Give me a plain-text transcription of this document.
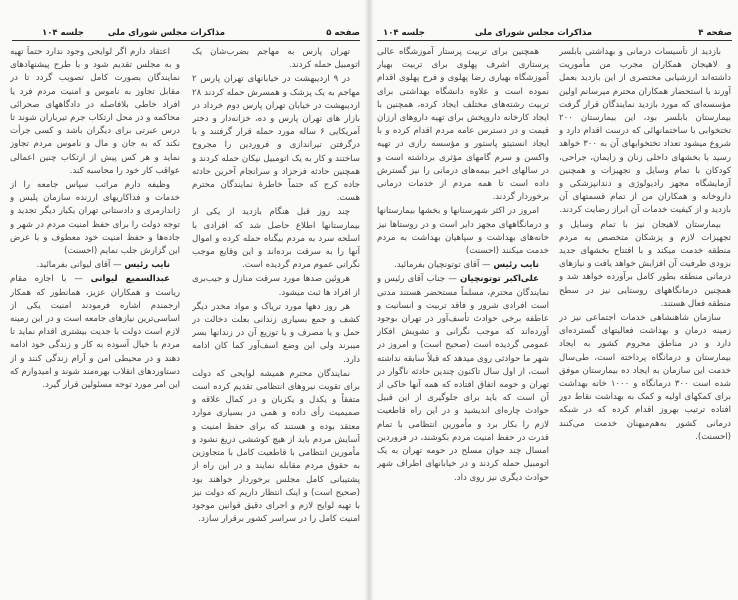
صفحه ۵
مذاکرات مجلس شورای ملی
جلسه ۱۰۴

اعتقاد دارم اگر لوایحی وجود ندارد حتماً تهیه و به مجلس تقدیم شود و با طرح پیشنهادهای نمایندگان بصورت کامل تصویب گردد تا در مقابل تجاوز به ناموس و امنیت مردم فرد یا افراد خاطی بلافاصله در دادگاههای صحرائی محاکمه و در محل ارتکاب جرم تیرباران شوند تا درس عبرتی برای دیگران باشد و کسی جرأت نکند که به جان و مال و ناموس مردم تجاوز نماید و هر کس پیش از ارتکاب چنین اعمالی عواقب کار خود را محاسبه کند.

وظیفه دارم مراتب سپاس جامعه را از خدمات و فداکاریهای ارزنده سازمان پلیس و ژاندارمری و دادستانی تهران یکبار دیگر تجدید و توجه دولت را برای حفظ امنیت مردم در شهر و جاده‌ها و حفظ امنیت خود معطوف و با عرض این گزارش جلب نمایم (احسنت)

نایب رئیس — آقای لیوانی بفرمائید.

عبدالسمیع لیوانی — با اجازه مقام ریاست و همکاران عزیز، همانطور که همکار ارجمندم اشاره فرمودند امنیت یکی از اساسی‌ترین نیازهای جامعه است و در این زمینه لازم است دولت با جدیت بیشتری اقدام نماید تا مردم با خیال آسوده به کار و زندگی خود ادامه دهند و در محیطی امن و آرام زندگی کنند و از دستاوردهای انقلاب بهره‌مند شوند و امیدوارم که این امر مورد توجه مسئولین قرار گیرد.

تهران پارس به مهاجم بضرب‌شان یک اتومبیل حمله کردند.

در ۹ اردیبهشت در خیابانهای تهران پارس ۲ مهاجم به یک پزشک و همسرش حمله کردند ۲۸ اردیبهشت در خیابان تهران پارس دوم خرداد در بازار های تهران پارس و ده، خزانه‌دار و دختر آمریکایی ۶ ساله مورد حمله قرار گرفتند و با درگرفتن تیراندازی و فروردین را مجروح ساختند و کار به یک اتومبیل نیکان حمله کردند و همچنین حادثه فرحزاد و سرانجام آخرین حادثه جاده کرج که حتماً خاطرهٔ نمایندگان محترم هست.

چند روز قبل هنگام بازدید از یکی از بیمارستانها اطلاع حاصل شد که افرادی با اسلحه سرد به مردم بیگناه حمله کرده و اموال آنها را به سرقت برده‌اند و این وقایع موجب نگرانی عموم مردم گردیده است.

هروئین صدها مورد سرقت منازل و جیب‌بری از افراد ها ثبت میشود.

هر روز دهها مورد تریاک و مواد مخدر دیگر کشف و جمع بسیاری زندانی بعلت دخالت در حمل و یا مصرف و یا توزیع آن در زندانها بسر میبرند ولی این وضع اسف‌آور کما کان ادامه دارد.

نمایندگان محترم همیشه لوایحی که دولت برای تقویت نیروهای انتظامی تقدیم کرده است متفقاً و یکدل و یکزبان و در کمال علاقه و صمیمیت رأی داده و همی در بسیاری موارد معتقد بوده و هستند که برای حفظ امنیت و آسایش مردم باید از هیچ کوششی دریغ نشود و مأمورین انتظامی با قاطعیت کامل با متجاوزین به حقوق مردم مقابله نمایند و در این راه از پشتیبانی کامل مجلس برخوردار خواهند بود (صحیح است) و اینک انتظار داریم که دولت نیز با تهیه لوایح لازم و اجرای دقیق قوانین موجود امنیت کامل را در سراسر کشور برقرار سازد.

صفحه ۴
مذاکرات مجلس شورای ملی
جلسه ۱۰۴

همچنین برای تربیت پرستار آموزشگاه عالی پرستاری اشرف پهلوی برای تربیت بهیار آموزشگاه بهیاری رضا پهلوی و فرح پهلوی اقدام نموده است و علاوه دانشگاه بهداشتی برای تربیت رشته‌های مختلف ایجاد کرده، همچنین با ایجاد کارخانه داروپخش برای تهیه داروهای ارزان قیمت و در دسترس عامه مردم اقدام کرده و با ایجاد انستیتو پاستور و مؤسسه رازی در تهیه واکسن و سرم گامهای مؤثری برداشته است و در سالهای اخیر بیمه‌های درمانی را نیز گسترش داده است تا همه مردم از خدمات درمانی برخوردار گردند.

امروز در اکثر شهرستانها و بخشها بیمارستانها و درمانگاههای مجهز دایر است و در روستاها نیز خانه‌های بهداشت و سپاهیان بهداشت به مردم خدمت میکنند (احسنت)

نایب رئیس — آقای توتونچیان بفرمائید.

علی‌اکبر توتونچیان — جناب آقای رئیس و نمایندگان محترم، مسلماً مستحضر هستند مدتی است افرادی شرور و فاقد تربیت و انسانیت و عاطفه برخی حوادث تأسف‌آور در تهران بوجود آورده‌اند که موجب نگرانی و تشویش افکار عمومی گردیده است (صحیح است) و امروز در شهر ما حوادثی روی میدهد که قبلاً سابقه نداشته است، از اول سال تاکنون چندین حادثه ناگوار در تهران و حومه اتفاق افتاده که همه آنها حاکی از آن است که باید برای جلوگیری از این قبیل حوادث چاره‌ای اندیشید و در این راه قاطعیت لازم را بکار برد و مأمورین انتظامی با تمام قدرت در حفظ امنیت مردم بکوشند، در فروردین امسال چند جوان مسلح در حومه تهران به یک اتومبیل حمله کردند و در خیابانهای اطراف شهر حوادث دیگری نیز روی داد.

بازدید از تأسیسات درمانی و بهداشتی بابلسر و لاهیجان همکاران مجرب من مأموریت داشته‌اند ارزشیابی مختصری از این بازدید بعمل آورند با استحضار همکاران محترم میرسانم اولین مؤسسه‌ای که مورد بازدید نمایندگان قرار گرفت بیمارستان بابلسر بود، این بیمارستان ۲۰۰ تختخوابی با ساختمانهائی که درست اقدام دارد و شروع میشود تعداد تختخوابهای آن به ۳۰۰ خواهد رسید با بخشهای داخلی زنان و زایمان، جراحی، کودکان با تمام وسایل و تجهیزات و همچنین آزمایشگاه مجهز رادیولوژی و دندانپزشکی و داروخانه و همکاران من از تمام قسمتهای آن بازدید و از کیفیت خدمات آن ابراز رضایت کردند.

بیمارستان لاهیجان نیز با تمام وسایل و تجهیزات لازم و پزشکان متخصص به مردم منطقه خدمت میکند و با افتتاح بخشهای جدید بزودی ظرفیت آن افزایش خواهد یافت و نیازهای درمانی منطقه بطور کامل برآورده خواهد شد و همچنین درمانگاههای روستایی نیز در سطح منطقه فعال هستند.

سازمان شاهنشاهی خدمات اجتماعی نیز در زمینه درمان و بهداشت فعالیتهای گسترده‌ای دارد و در مناطق محروم کشور به ایجاد بیمارستان و درمانگاه پرداخته است، طی‌سال خدمت این سازمان به ایجاد ده بیمارستان موفق شده است ۳۰۰ درمانگاه و ۱۰۰۰ خانه بهداشت برای کمکهای اولیه و کمک به بهداشت نقاط دور افتاده ترتیب بهروز اقدام کرده که در شبکه درمانی کشور به‌هم‌میهنان خدمت می‌کنند (احسنت).
